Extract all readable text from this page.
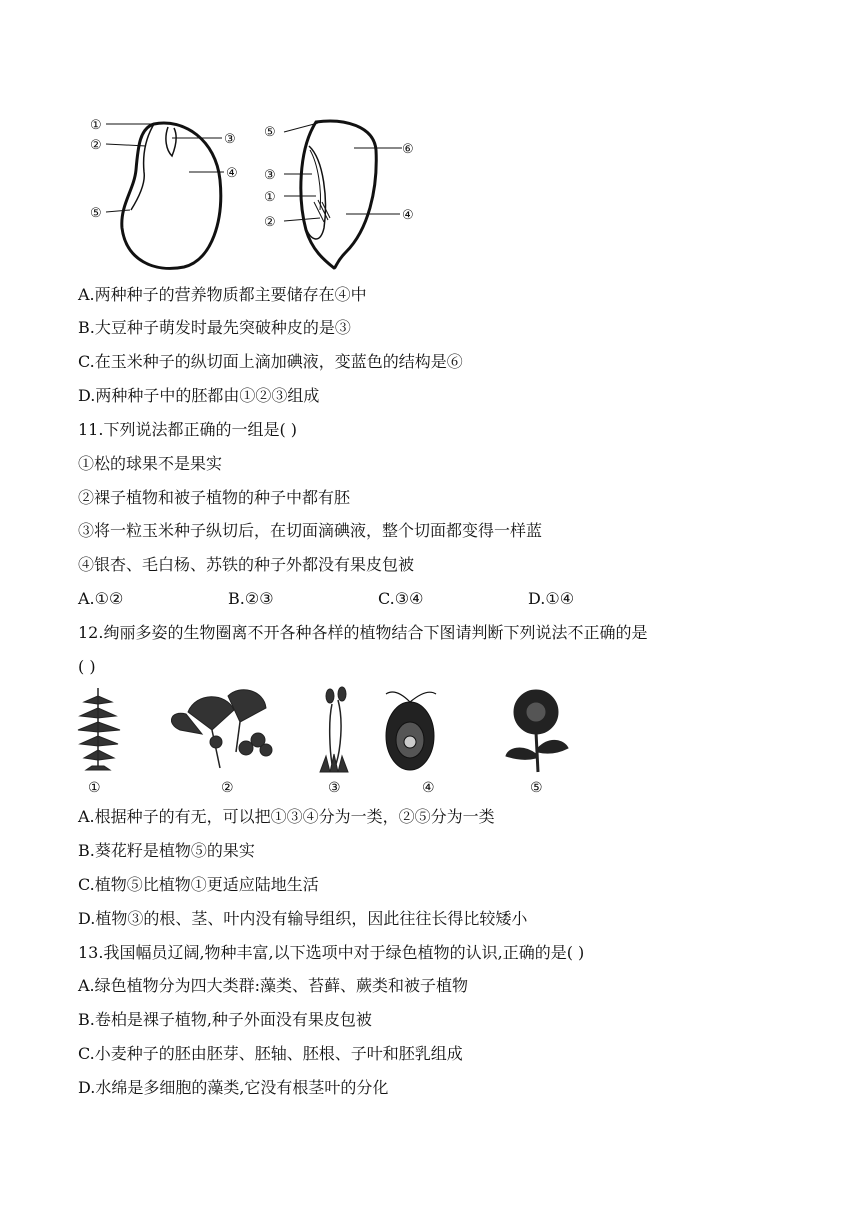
①
②	③
④
⑤
⑤
⑥
③
①
②	④
A.两种种子的营养物质都主要储存在④中
B.大豆种子萌发时最先突破种皮的是③
C.在玉米种子的纵切面上滴加碘液，变蓝色的结构是⑥
D.两种种子中的胚都由①②③组成
11.下列说法都正确的一组是( )
①松的球果不是果实
②裸子植物和被子植物的种子中都有胚
③将一粒玉米种子纵切后，在切面滴碘液，整个切面都变得一样蓝
④银杏、毛白杨、苏铁的种子外都没有果皮包被
A.①②	B.②③	C.③④	D.①④
12.绚丽多姿的生物圈离不开各种各样的植物结合下图请判断下列说法不正确的是
( )
①	②	③	④	⑤
A.根据种子的有无，可以把①③④分为一类，②⑤分为一类
B.葵花籽是植物⑤的果实
C.植物⑤比植物①更适应陆地生活
D.植物③的根、茎、叶内没有输导组织，因此往往长得比较矮小
13.我国幅员辽阔,物种丰富,以下选项中对于绿色植物的认识,正确的是( )
A.绿色植物分为四大类群:藻类、苔藓、蕨类和被子植物
B.卷柏是裸子植物,种子外面没有果皮包被
C.小麦种子的胚由胚芽、胚轴、胚根、子叶和胚乳组成
D.水绵是多细胞的藻类,它没有根茎叶的分化
